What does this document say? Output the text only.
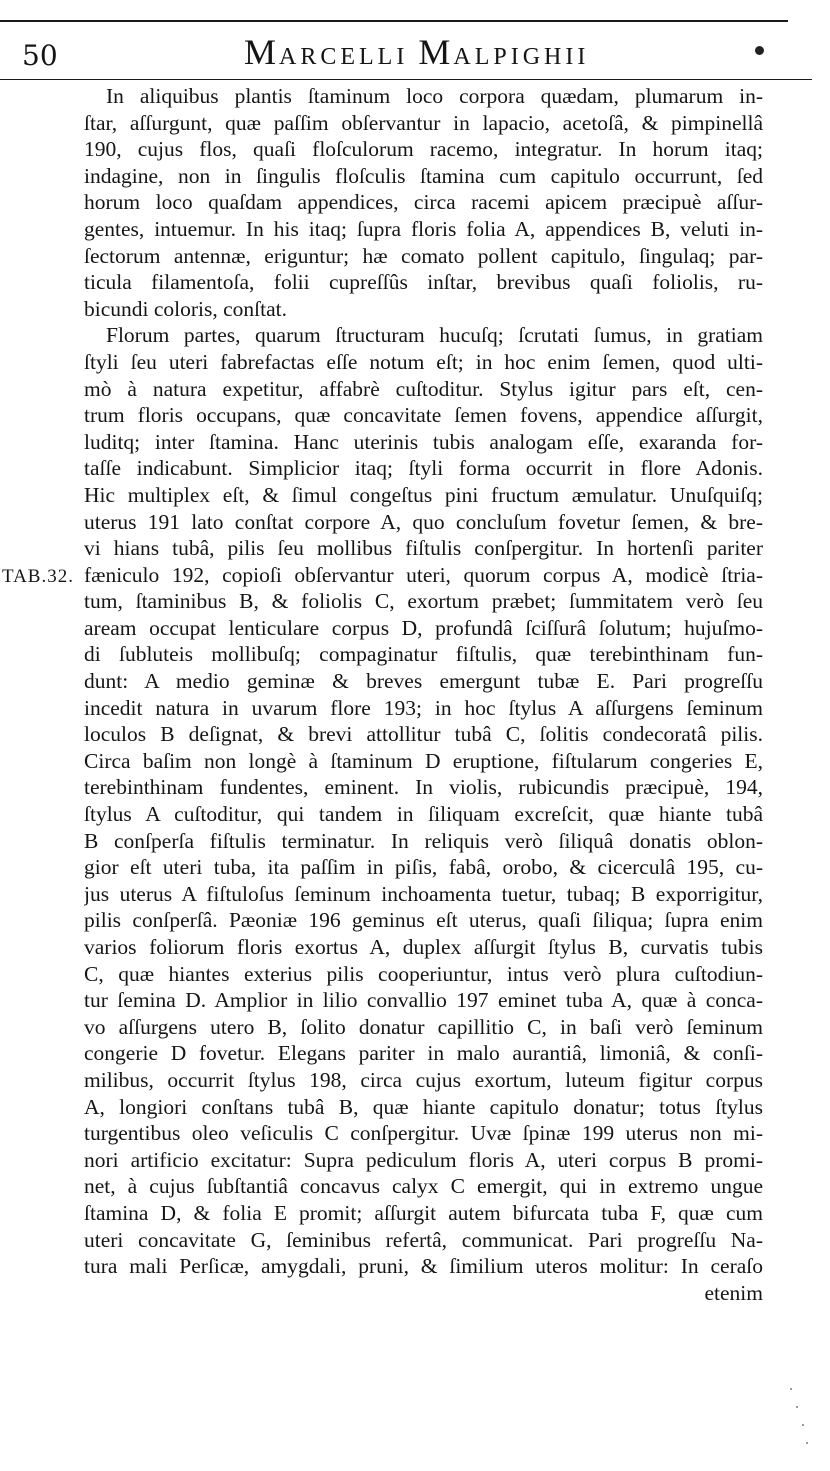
50	MARCELLI MALPIGHII
TAB.32.
In aliquibus plantis ſtaminum loco corpora quædam, plumarum in-
ſtar, aſſurgunt, quæ paſſim obſervantur in lapacio, acetoſâ, & pimpinellâ
190, cujus flos, quaſi floſculorum racemo, integratur. In horum itaq;
indagine, non in ſingulis floſculis ſtamina cum capitulo occurrunt, ſed
horum loco quaſdam appendices, circa racemi apicem præcipuè aſſur-
gentes, intuemur. In his itaq; ſupra floris folia A, appendices B, veluti in-
ſectorum antennæ, eriguntur; hæ comato pollent capitulo, ſingulaq; par-
ticula filamentoſa, folii cupreſſûs inſtar, brevibus quaſi foliolis, ru-
bicundi coloris, conſtat.
Florum partes, quarum ſtructuram hucuſq; ſcrutati ſumus, in gratiam
ſtyli ſeu uteri fabrefactas eſſe notum eſt; in hoc enim ſemen, quod ulti-
mò à natura expetitur, affabrè cuſtoditur. Stylus igitur pars eſt, cen-
trum floris occupans, quæ concavitate ſemen fovens, appendice aſſurgit,
luditq; inter ſtamina. Hanc uterinis tubis analogam eſſe, exaranda for-
taſſe indicabunt. Simplicior itaq; ſtyli forma occurrit in flore Adonis.
Hic multiplex eſt, & ſimul congeſtus pini fructum æmulatur. Unuſquiſq;
uterus 191 lato conſtat corpore A, quo concluſum fovetur ſemen, & bre-
vi hians tubâ, pilis ſeu mollibus fiſtulis conſpergitur. In hortenſi pariter
fæniculo 192, copioſi obſervantur uteri, quorum corpus A, modicè ſtria-
tum, ſtaminibus B, & foliolis C, exortum præbet; ſummitatem verò ſeu
aream occupat lenticulare corpus D, profundâ ſciſſurâ ſolutum; hujuſmo-
di ſubluteis mollibuſq; compaginatur fiſtulis, quæ terebinthinam fun-
dunt: A medio geminæ & breves emergunt tubæ E. Pari progreſſu
incedit natura in uvarum flore 193; in hoc ſtylus A aſſurgens ſeminum
loculos B deſignat, & brevi attollitur tubâ C, ſolitis condecoratâ pilis.
Circa baſim non longè à ſtaminum D eruptione, fiſtularum congeries E,
terebinthinam fundentes, eminent. In violis, rubicundis præcipuè, 194,
ſtylus A cuſtoditur, qui tandem in ſiliquam excreſcit, quæ hiante tubâ
B conſperſa fiſtulis terminatur. In reliquis verò ſiliquâ donatis oblon-
gior eſt uteri tuba, ita paſſim in piſis, fabâ, orobo, & cicerculâ 195, cu-
jus uterus A fiſtuloſus ſeminum inchoamenta tuetur, tubaq; B exporrigitur,
pilis conſperſâ. Pæoniæ 196 geminus eſt uterus, quaſi ſiliqua; ſupra enim
varios foliorum floris exortus A, duplex aſſurgit ſtylus B, curvatis tubis
C, quæ hiantes exterius pilis cooperiuntur, intus verò plura cuſtodiun-
tur ſemina D. Amplior in lilio convallio 197 eminet tuba A, quæ à conca-
vo aſſurgens utero B, ſolito donatur capillitio C, in baſi verò ſeminum
congerie D fovetur. Elegans pariter in malo aurantiâ, limoniâ, & conſi-
milibus, occurrit ſtylus 198, circa cujus exortum, luteum figitur corpus
A, longiori conſtans tubâ B, quæ hiante capitulo donatur; totus ſtylus
turgentibus oleo veſiculis C conſpergitur. Uvæ ſpinæ 199 uterus non mi-
nori artificio excitatur: Supra pediculum floris A, uteri corpus B promi-
net, à cujus ſubſtantiâ concavus calyx C emergit, qui in extremo ungue
ſtamina D, & folia E promit; aſſurgit autem bifurcata tuba F, quæ cum
uteri concavitate G, ſeminibus refertâ, communicat. Pari progreſſu Na-
tura mali Perſicæ, amygdali, pruni, & ſimilium uteros molitur: In ceraſo
etenim
